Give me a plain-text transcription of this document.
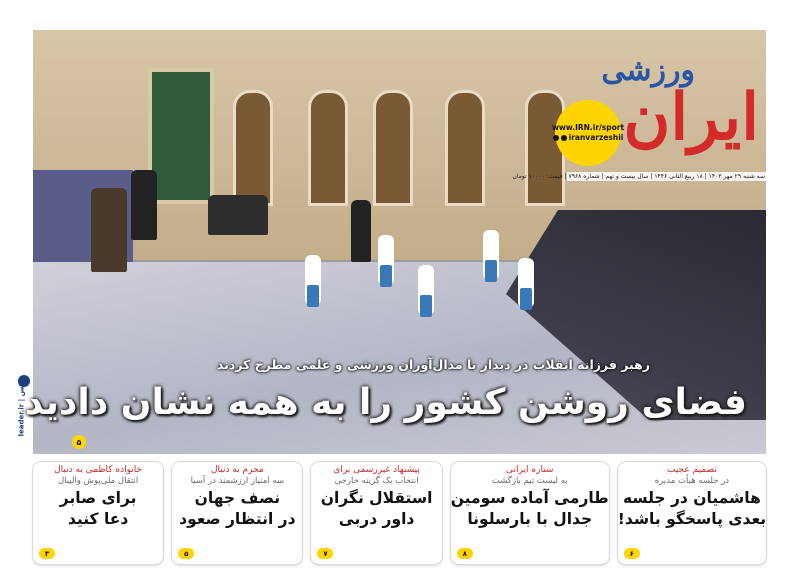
ورزشی
ایران
www.IRN.ir/sport
iranvarzeshii
سه شنبه ۲۹ مهر ۱۴۰۳ | ۱۸ ربیع الثانی ۱۴۴۶ | سال بیست و نهم | شماره ۷۹۶۸ | قیمت: ۱۰۰۰۰ تومان
leader.ir | عکس
رهبر فرزانه انقلاب در دیدار با مدال‌آوران ورزشی و علمی مطرح کردند
فضای روشن کشور را به همه نشان دادید
۵
خانواده کاظمی به دنبال
انتقال ملی‌پوش والیبال
برای صابر
دعا کنید
۳
محرم به دنبال
سه امتیاز ارزشمند در آسیا
نصف جهان
در انتظار صعود
۵
پیشنهاد غیررسمی برای
انتخاب یک گزینه خارجی
استقلال نگران
داور دربی
۷
ستاره ایرانی
به لیست تیم بازگشت
طارمی آماده سومین
جدال با بارسلونا
۸
تصمیم عجیب
در جلسه هیأت مدیره
هاشمیان در جلسه
بعدی پاسخگو باشد!
۶
